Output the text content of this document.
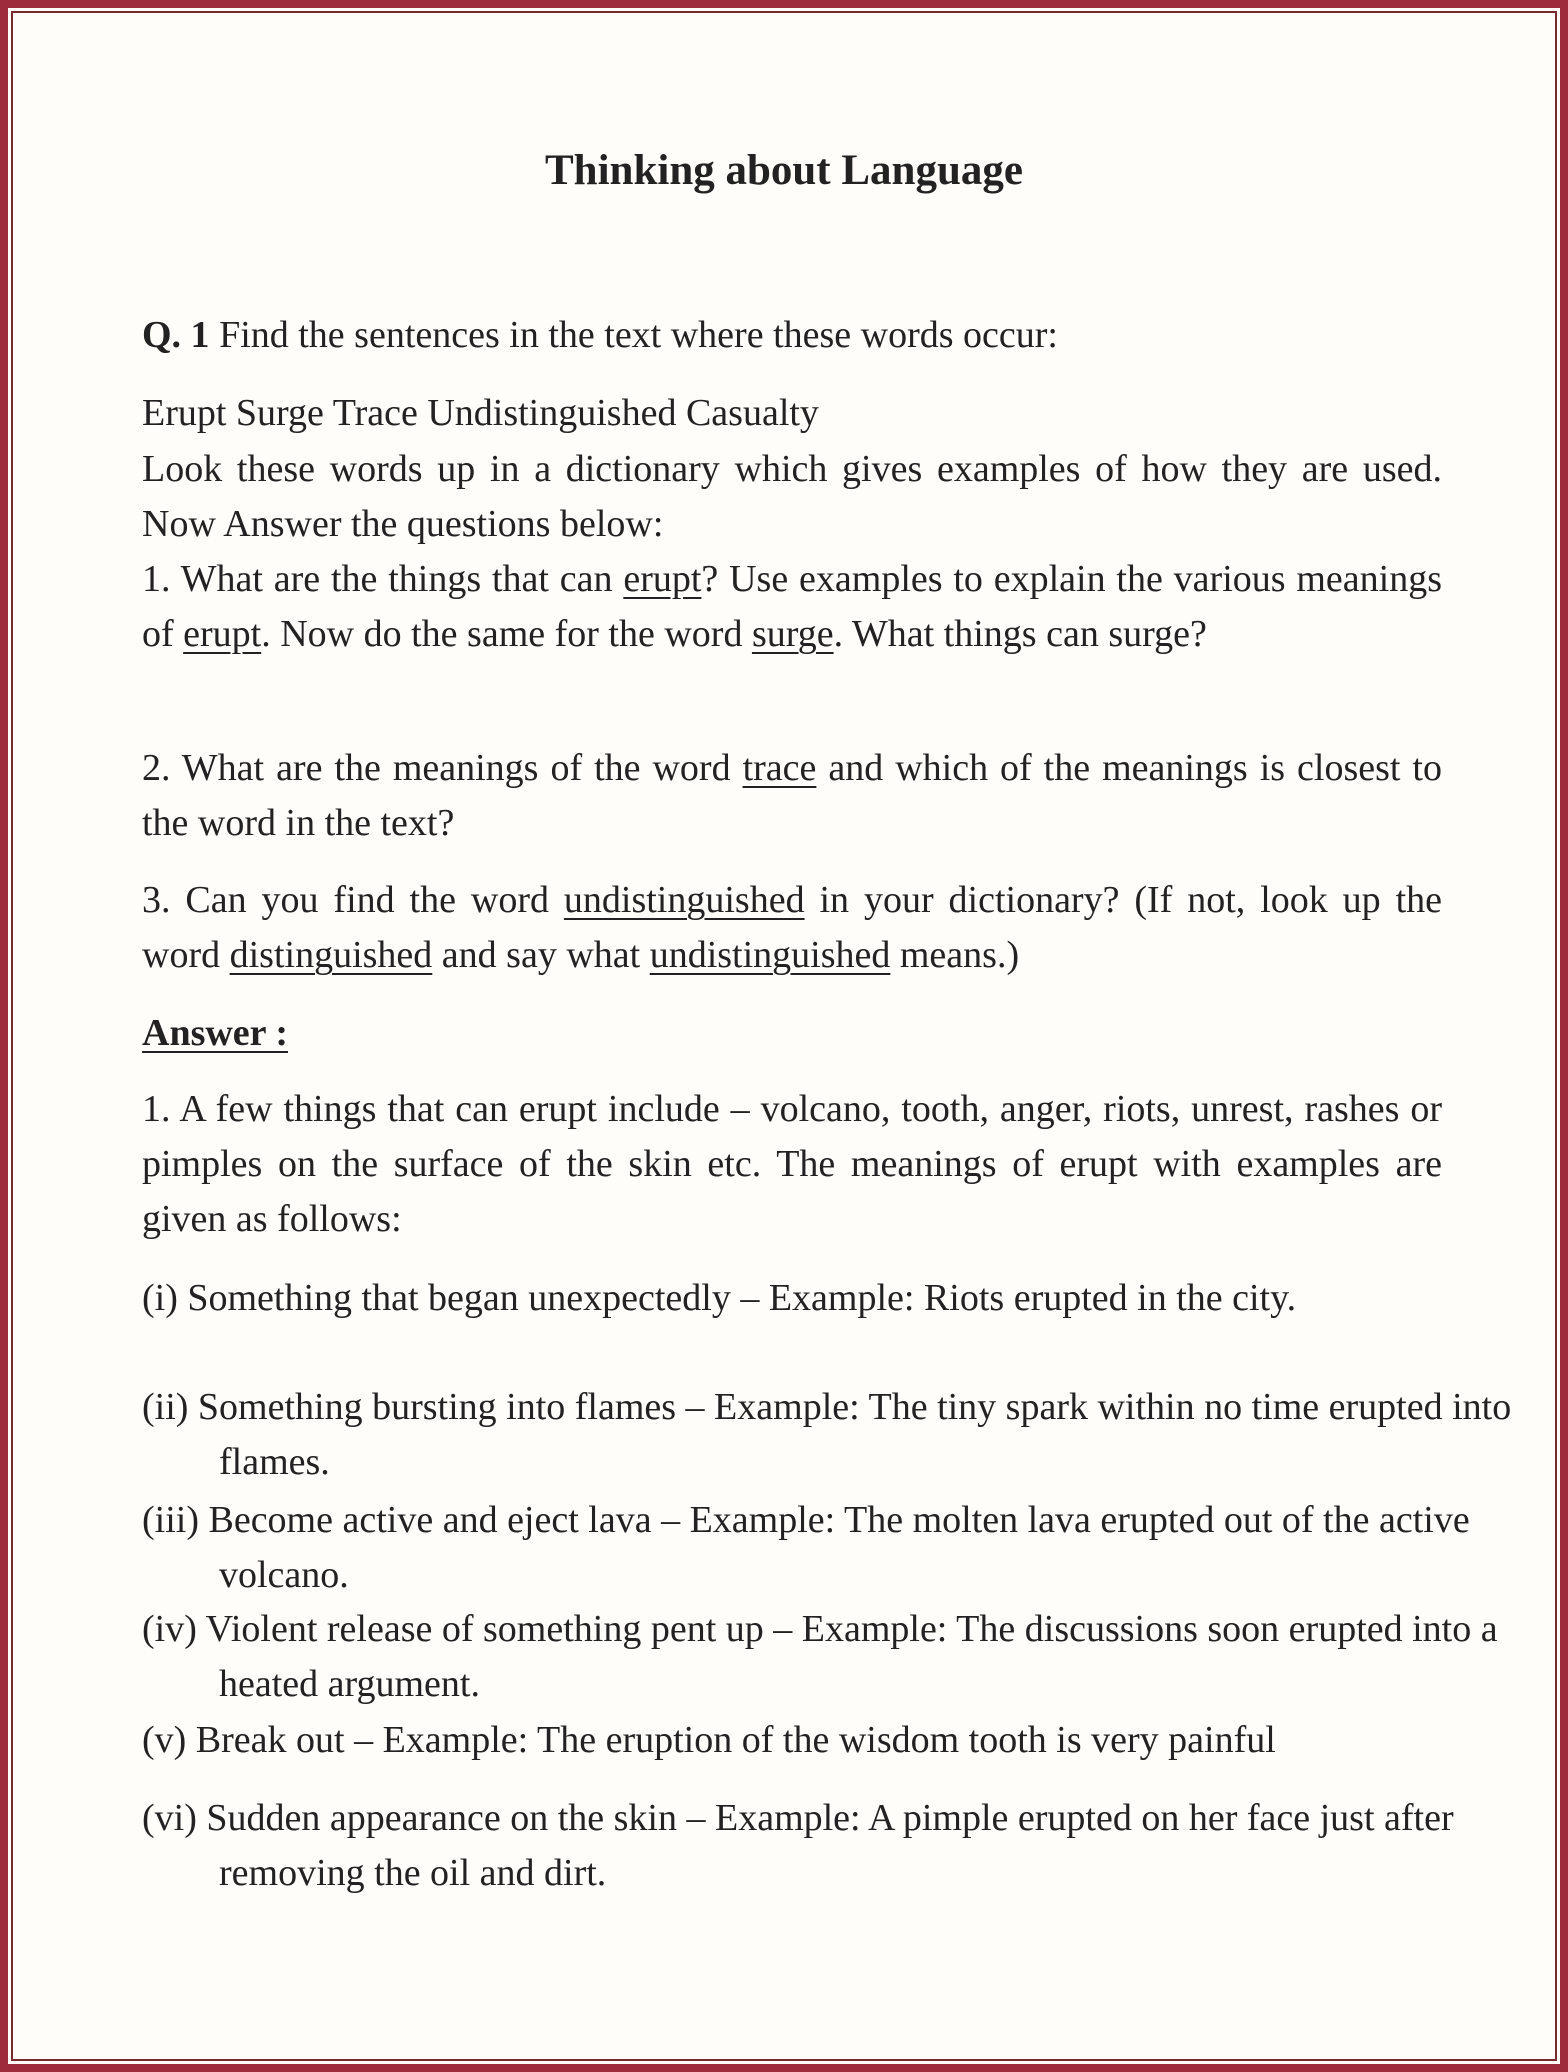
Thinking about Language
Q. 1 Find the sentences in the text where these words occur:
Erupt Surge Trace Undistinguished Casualty
Look these words up in a dictionary which gives examples of how they are used. Now Answer the questions below:
1. What are the things that can erupt? Use examples to explain the various meanings of erupt. Now do the same for the word surge. What things can surge?
2. What are the meanings of the word trace and which of the meanings is closest to the word in the text?
3. Can you find the word undistinguished in your dictionary? (If not, look up the word distinguished and say what undistinguished means.)
Answer :
1. A few things that can erupt include – volcano, tooth, anger, riots, unrest, rashes or pimples on the surface of the skin etc. The meanings of erupt with examples are given as follows:
(i) Something that began unexpectedly – Example: Riots erupted in the city.
(ii) Something bursting into flames – Example: The tiny spark within no time erupted into flames.
(iii) Become active and eject lava – Example: The molten lava erupted out of the active volcano.
(iv) Violent release of something pent up – Example: The discussions soon erupted into a heated argument.
(v) Break out – Example: The eruption of the wisdom tooth is very painful
(vi) Sudden appearance on the skin – Example: A pimple erupted on her face just after removing the oil and dirt.
